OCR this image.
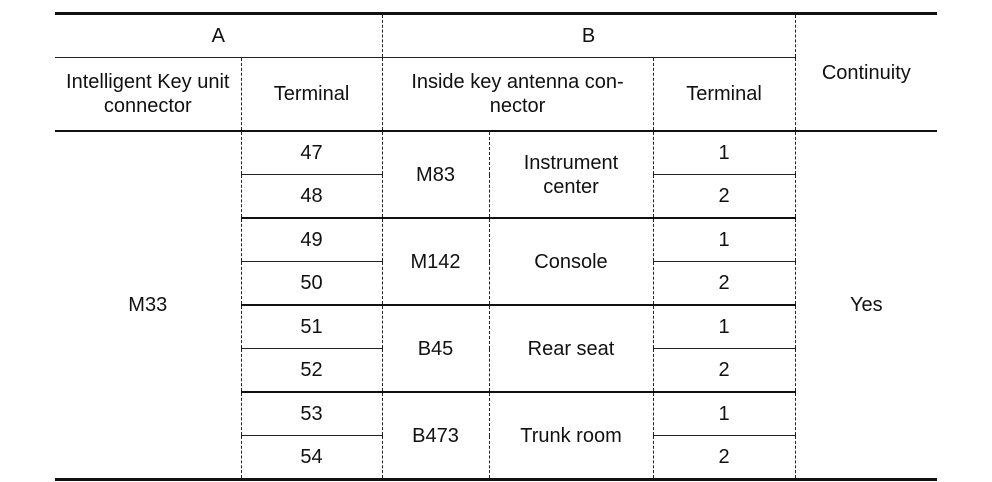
A		B			Continuity
Intelligent Key unit connector	Terminal	Inside key antenna con- nector		Terminal	
M33	47	M83	Instrument center	1	Yes
	48			2	
	49	M142	Console	1	
	50			2	
	51	B45	Rear seat	1	
	52			2	
	53	B473	Trunk room	1	
	54			2	
